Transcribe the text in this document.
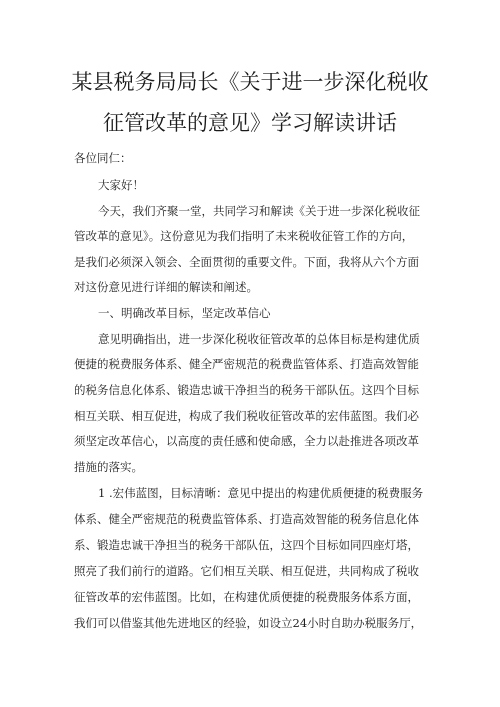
某县税务局局长《关于进一步深化税收
征管改革的意见》学习解读讲话

各位同仁：

大家好！

今天，我们齐聚一堂，共同学习和解读《关于进一步深化税收征

管改革的意见》。这份意见为我们指明了未来税收征管工作的方向，

是我们必须深入领会、全面贯彻的重要文件。下面，我将从六个方面

对这份意见进行详细的解读和阐述。

一、明确改革目标，坚定改革信心

意见明确指出，进一步深化税收征管改革的总体目标是构建优质

便捷的税费服务体系、健全严密规范的税费监管体系、打造高效智能

的税务信息化体系、锻造忠诚干净担当的税务干部队伍。这四个目标

相互关联、相互促进，构成了我们税收征管改革的宏伟蓝图。我们必

须坚定改革信心，以高度的责任感和使命感，全力以赴推进各项改革

措施的落实。

1 .宏伟蓝图，目标清晰：意见中提出的构建优质便捷的税费服务

体系、健全严密规范的税费监管体系、打造高效智能的税务信息化体

系、锻造忠诚干净担当的税务干部队伍，这四个目标如同四座灯塔，

照亮了我们前行的道路。它们相互关联、相互促进，共同构成了税收

征管改革的宏伟蓝图。比如，在构建优质便捷的税费服务体系方面，

我们可以借鉴其他先进地区的经验，如设立24小时自助办税服务厅，
